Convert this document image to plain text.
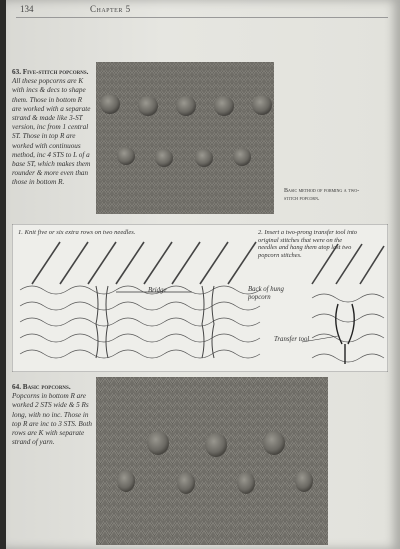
134	Chapter 5
63. Five-stitch popcorns.
All these popcorns are K with incs & decs to shape them. Those in bottom R are worked with a separate strand & made like 3-ST version, inc from 1 central ST. Those in top R are worked with continuous method, inc 4 STS to L of a base ST, which makes them rounder & more even than those in bottom R.
Basic method of forming a two-stitch popcorn.
1. Knit five or six extra rows on two needles.	2. Insert a two-prong transfer tool into original stitches that were on the needles and hang them atop last two popcorn stitches.
Bridge	Back of hung popcorn
Transfer tool
64. Basic popcorns.
Popcorns in bottom R are worked 2 STS wide & 5 Rs long, with no inc. Those in top R are inc to 3 STS. Both rows are K with separate strand of yarn.
